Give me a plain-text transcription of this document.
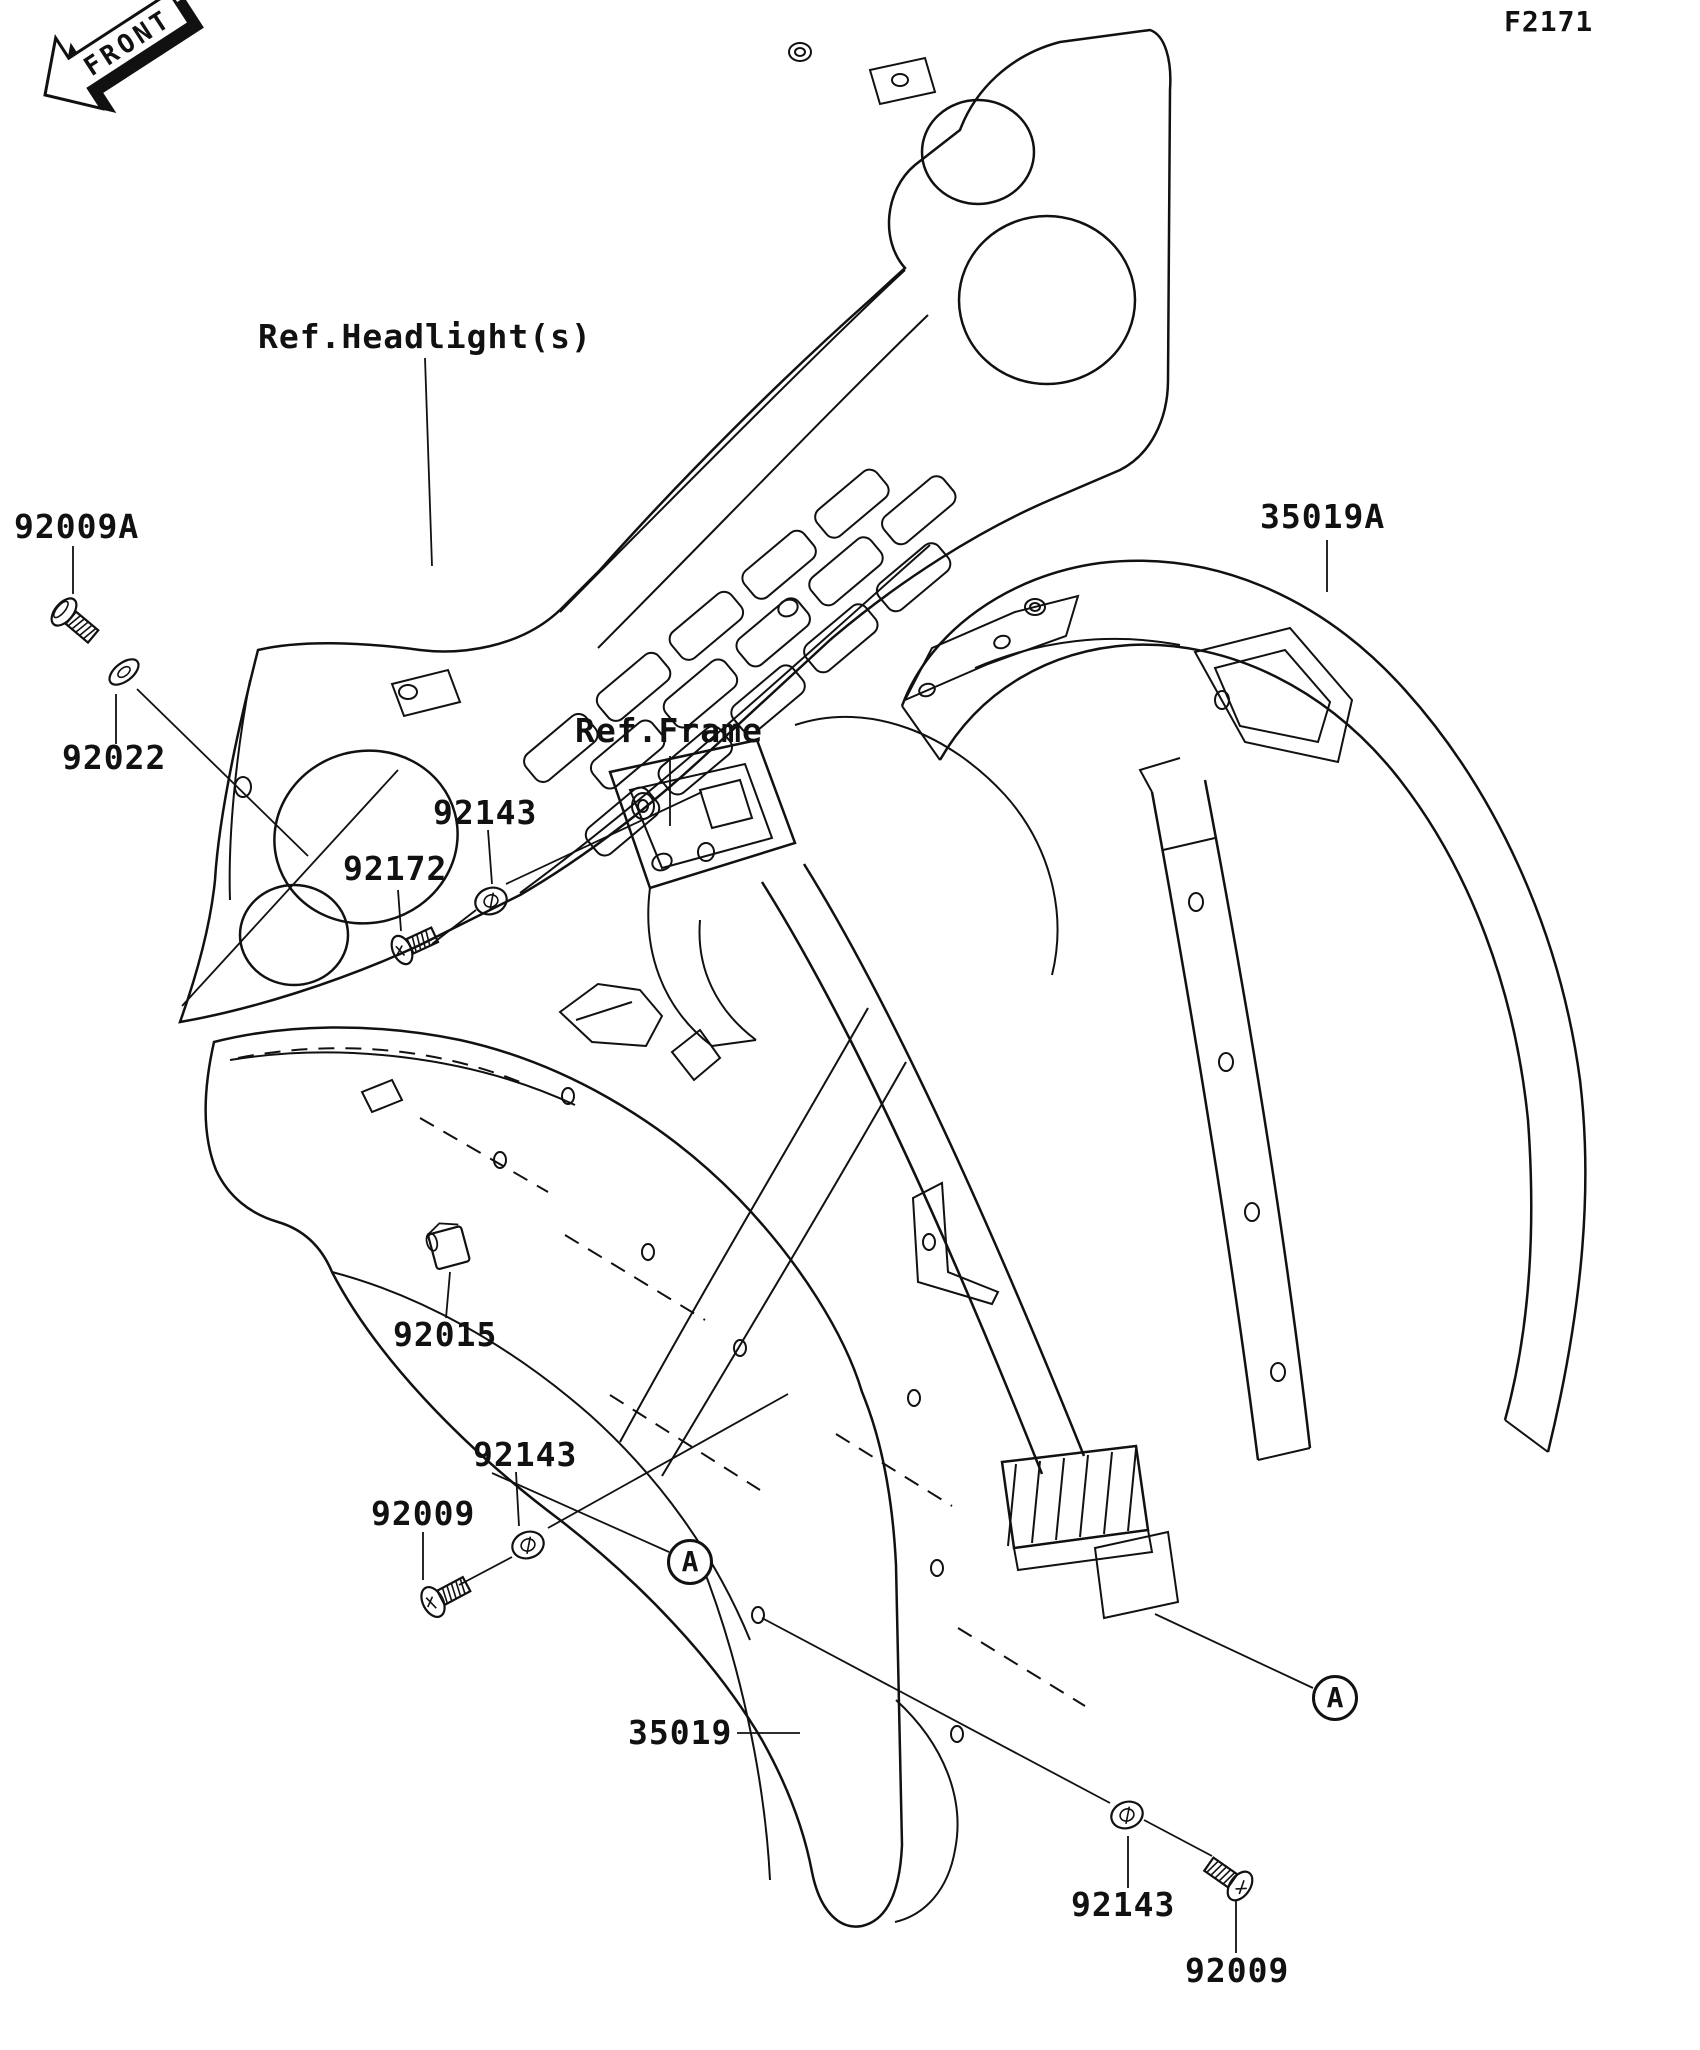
FRONT	F2171
Ref.Headlight(s)
Ref.Frame
92009A
92022
92143
92172
92015
92143
92009
35019
35019A
92143
92009
A
A
